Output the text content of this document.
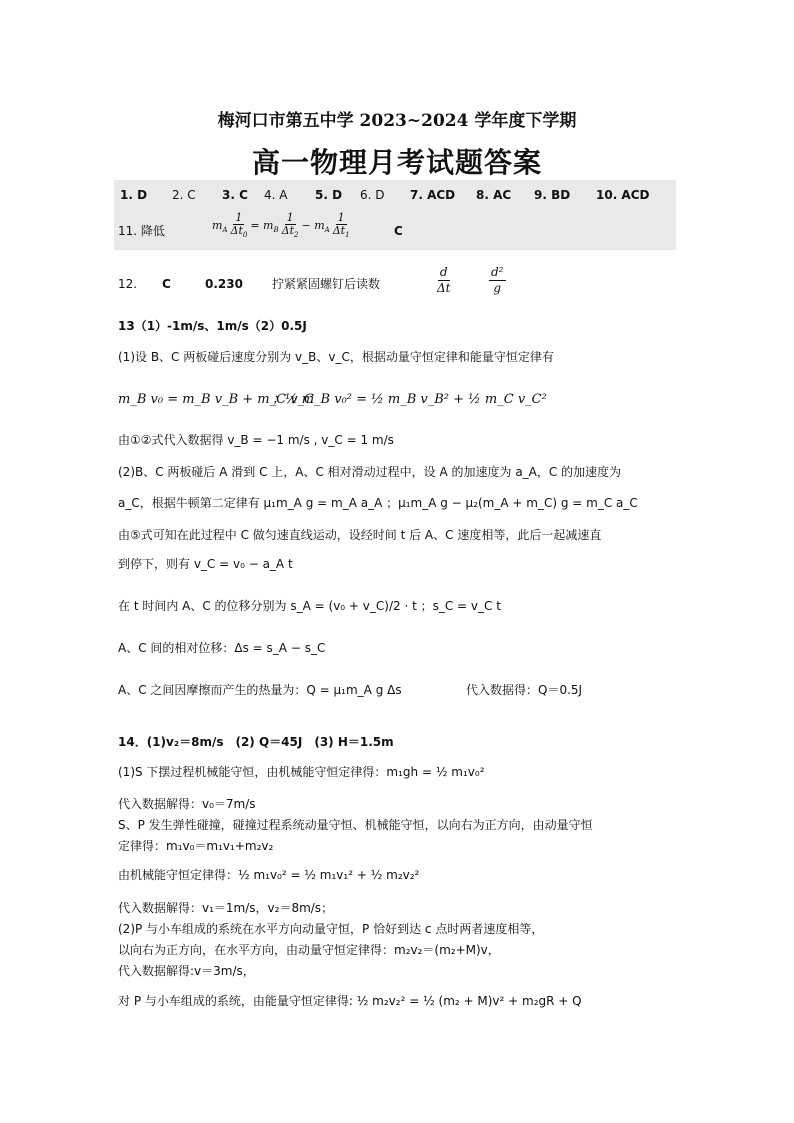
梅河口市第五中学 2023~2024 学年度下学期
高一物理月考试题答案
1. D 2. C 3. C 4. A 5. D 6. D 7. ACD 8. AC 9. BD 10. ACD
11. 降低	$m_A \frac{1}{\Delta t_0} = m_B \frac{1}{\Delta t_2} - m_A \frac{1}{\Delta t_1}$	C
12. C	0.230 拧紧紧固螺钉后读数	$\frac{d}{\Delta t}$	$\frac{\text{d²}}{g}$
13（1）-1m/s、1m/s（2）0.5J
(1)设 B、C 两板碰后速度分别为 v_B、v_C，根据动量守恒定律和能量守恒定律有
m_B v₀ = m_B v_B + m_C v_C
；½ m_B v₀² = ½ m_B v_B² + ½ m_C v_C²
由①②式代入数据得 v_B = −1 m/s , v_C = 1 m/s
(2)B、C 两板碰后 A 滑到 C 上，A、C 相对滑动过程中，设 A 的加速度为 a_A，C 的加速度为
a_C，根据牛顿第二定律有 μ₁m_A g = m_A a_A ；μ₁m_A g − μ₂(m_A + m_C) g = m_C a_C
由⑤式可知在此过程中 C 做匀速直线运动，设经时间 t 后 A、C 速度相等，此后一起减速直
到停下，则有 v_C = v₀ − a_A t
在 t 时间内 A、C 的位移分别为 s_A = (v₀ + v_C)/2 · t ；s_C = v_C t
A、C 间的相对位移：Δs = s_A − s_C
A、C 之间因摩擦而产生的热量为：Q = μ₁m_A g Δs	代入数据得：Q＝0.5J
14．(1)v₂＝8m/s　(2) Q＝45J　(3) H＝1.5m
(1)S 下摆过程机械能守恒，由机械能守恒定律得：m₁gh = ½ m₁v₀²
代入数据解得：v₀＝7m/s
S、P 发生弹性碰撞，碰撞过程系统动量守恒、机械能守恒，以向右为正方向，由动量守恒
定律得：m₁v₀＝m₁v₁+m₂v₂
由机械能守恒定律得：½ m₁v₀² = ½ m₁v₁² + ½ m₂v₂²
代入数据解得：v₁＝1m/s，v₂＝8m/s；
(2)P 与小车组成的系统在水平方向动量守恒，P 恰好到达 c 点时两者速度相等，
以向右为正方向，在水平方向，由动量守恒定律得：m₂v₂＝(m₂+M)v，
代入数据解得:v＝3m/s，
对 P 与小车组成的系统，由能量守恒定律得: ½ m₂v₂² = ½ (m₂ + M)v² + m₂gR + Q
